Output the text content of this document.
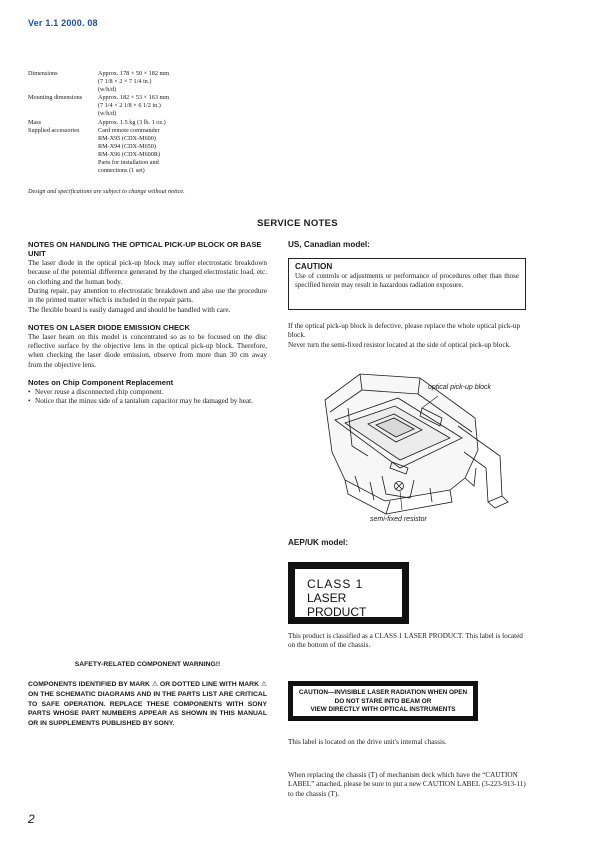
Ver 1.1 2000. 08
Dimensions	Approx. 178 × 50 × 182 mm
(7 1/8 × 2 × 7 1/4 in.)
(w/h/d)
Mounting dimensions	Approx. 182 × 53 × 163 mm
(7 1/4 × 2 1/8 × 6 1/2 in.)
(w/h/d)
Mass	Approx. 1.5 kg (3 lb. 1 oz.)
Supplied accessories	Card remote commander
RM-X95 (CDX-M600)
RM-X94 (CDX-M650)
RM-X96 (CDX-M600R)
Parts for installation and
connections (1 set)
Design and specifications are subject to change without notice.
SERVICE NOTES
NOTES ON HANDLING THE OPTICAL PICK-UP BLOCK OR BASE UNIT

The laser diode in the optical pick-up block may suffer electrostatic breakdown because of the potential difference generated by the charged electrostatic load, etc. on clothing and the human body.

During repair, pay attention to electrostatic breakdown and also use the procedure in the printed matter which is included in the repair parts.

The flexible board is easily damaged and should be handled with care.

NOTES ON LASER DIODE EMISSION CHECK

The laser beam on this model is concentrated so as to be focused on the disc reflective surface by the objective lens in the optical pick-up block. Therefore, when checking the laser diode emission, observe from more than 30 cm away from the objective lens.

Notes on Chip Component Replacement
• Never reuse a disconnected chip component.
• Notice that the minus side of a tantalum capacitor may be damaged by heat.
SAFETY-RELATED COMPONENT WARNING!!
COMPONENTS IDENTIFIED BY MARK ⚠ OR DOTTED LINE WITH MARK ⚠ ON THE SCHEMATIC DIAGRAMS AND IN THE PARTS LIST ARE CRITICAL TO SAFE OPERATION. REPLACE THESE COMPONENTS WITH SONY PARTS WHOSE PART NUMBERS APPEAR AS SHOWN IN THIS MANUAL OR IN SUPPLEMENTS PUBLISHED BY SONY.
US, Canadian model:
CAUTION
Use of controls or adjustments or performance of procedures other than those specified herein may result in hazardous radiation exposure.
If the optical pick-up block is defective, please replace the whole optical pick-up block.
Never turn the semi-fixed resistor located at the side of optical pick-up block.
optical pick-up block
semi-fixed resistor
AEP/UK model:
CLASS 1
LASER PRODUCT
This product is classified as a CLASS 1 LASER PRODUCT. This label is located on the bottom of the chassis.
CAUTION—INVISIBLE LASER RADIATION WHEN OPEN
DO NOT STARE INTO BEAM OR
VIEW DIRECTLY WITH OPTICAL INSTRUMENTS
This label is located on the drive unit's internal chassis.
When replacing the chassis (T) of mechanism deck which have the “CAUTION LABEL” attached, please be sure to put a new CAUTION LABEL (3-223-913-11) to the chassis (T).
2
